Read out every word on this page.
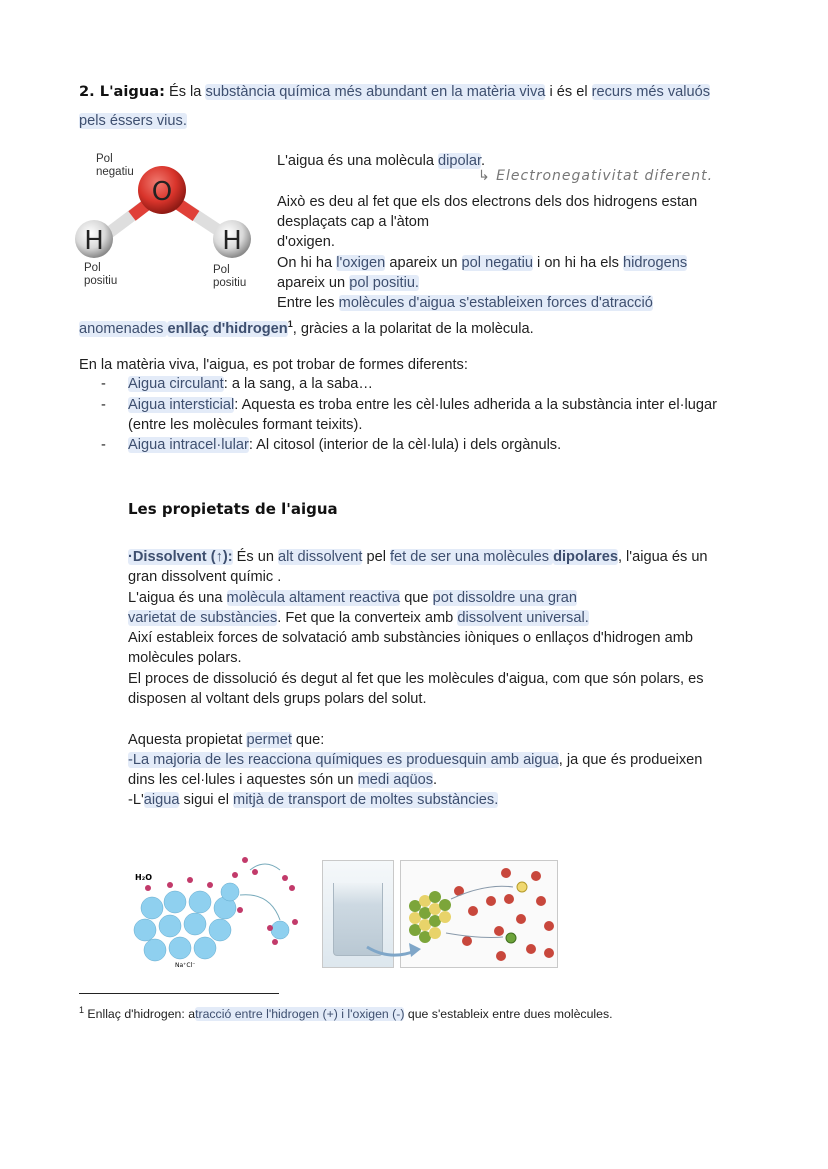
2. L'aigua: És la substància química més abundant en la matèria viva i és el recurs més valuós
pels éssers vius.
Pol
negatiu
O
H	H
Pol
positiu
Pol
positiu
L'aigua és una molècula dipolar.
↳ Electronegativitat diferent.
Això es deu al fet que els dos electrons dels dos hidrogens estan
desplaçats cap a l'àtom
d'oxigen.
On hi ha l'oxigen apareix un pol negatiu i on hi ha els hidrogens
apareix un pol positiu.
Entre les molècules d'aigua s'estableixen forces d'atracció
anomenades enllaç d'hidrogen$^1$, gràcies a la polaritat de la molècula.
En la matèria viva, l'aigua, es pot trobar de formes diferents:
- Aigua circulant: a la sang, a la saba…
- Aigua intersticial: Aquesta es troba entre les cèl·lules adherida a la substància inter el·lugar
(entre les molècules formant teixits).
- Aigua intracel·lular: Al citosol (interior de la cèl·lula) i dels orgànuls.
Les propietats de l'aigua
·Dissolvent (↑): És un alt dissolvent pel fet de ser una molècules dipolares, l'aigua és un
gran dissolvent químic .
L'aigua és una molècula altament reactiva que pot dissoldre una gran
varietat de substàncies. Fet que la converteix amb dissolvent universal.
Així estableix forces de solvatació amb substàncies iòniques o enllaços d'hidrogen amb
molècules polars.
El proces de dissolució és degut al fet que les molècules d'aigua, com que són polars, es
disposen al voltant dels grups polars del solut.
Aquesta propietat permet que:
-La majoria de les reacciona químiques es produesquin amb aigua, ja que és produeixen
dins les cel·lules i aquestes són un medi aqüos.
-L'aigua sigui el mitjà de transport de moltes substàncies.
H₂O
Na⁺Cl⁻
$^1$ Enllaç d'hidrogen: atracció entre l'hidrogen (+) i l'oxigen (-) que s'estableix entre dues molècules.
